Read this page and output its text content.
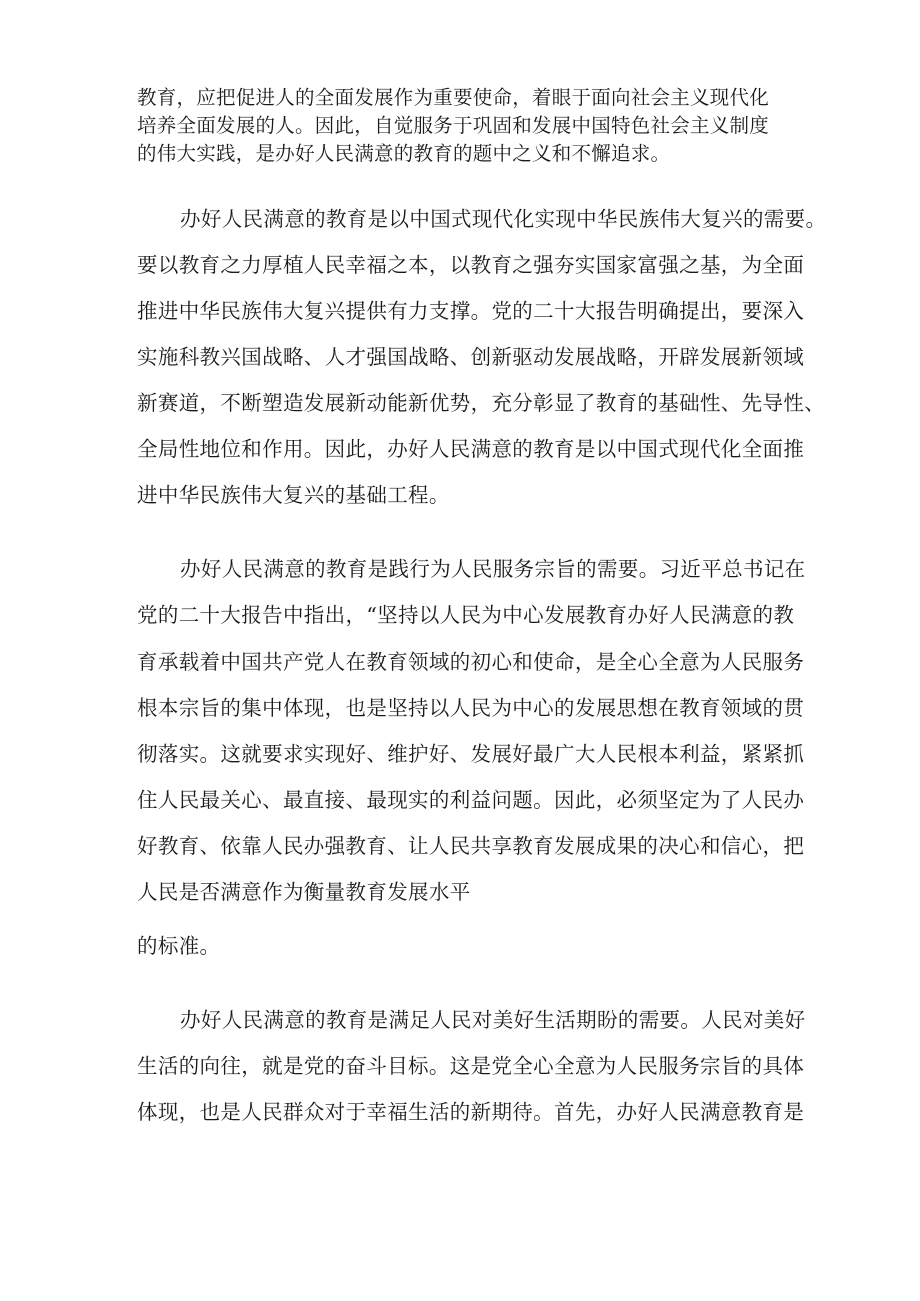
教育，应把促进人的全面发展作为重要使命，着眼于面向社会主义现代化
培养全面发展的人。因此，自觉服务于巩固和发展中国特色社会主义制度
的伟大实践，是办好人民满意的教育的题中之义和不懈追求。
办好人民满意的教育是以中国式现代化实现中华民族伟大复兴的需要。
要以教育之力厚植人民幸福之本，以教育之强夯实国家富强之基，为全面
推进中华民族伟大复兴提供有力支撑。党的二十大报告明确提出，要深入
实施科教兴国战略、人才强国战略、创新驱动发展战略，开辟发展新领域
新赛道，不断塑造发展新动能新优势，充分彰显了教育的基础性、先导性、
全局性地位和作用。因此，办好人民满意的教育是以中国式现代化全面推
进中华民族伟大复兴的基础工程。
办好人民满意的教育是践行为人民服务宗旨的需要。习近平总书记在
党的二十大报告中指出，“坚持以人民为中心发展教育办好人民满意的教
育承载着中国共产党人在教育领域的初心和使命，是全心全意为人民服务
根本宗旨的集中体现，也是坚持以人民为中心的发展思想在教育领域的贯
彻落实。这就要求实现好、维护好、发展好最广大人民根本利益，紧紧抓
住人民最关心、最直接、最现实的利益问题。因此，必须坚定为了人民办
好教育、依靠人民办强教育、让人民共享教育发展成果的决心和信心，把
人民是否满意作为衡量教育发展水平
的标准。
办好人民满意的教育是满足人民对美好生活期盼的需要。人民对美好
生活的向往，就是党的奋斗目标。这是党全心全意为人民服务宗旨的具体
体现，也是人民群众对于幸福生活的新期待。首先，办好人民满意教育是
